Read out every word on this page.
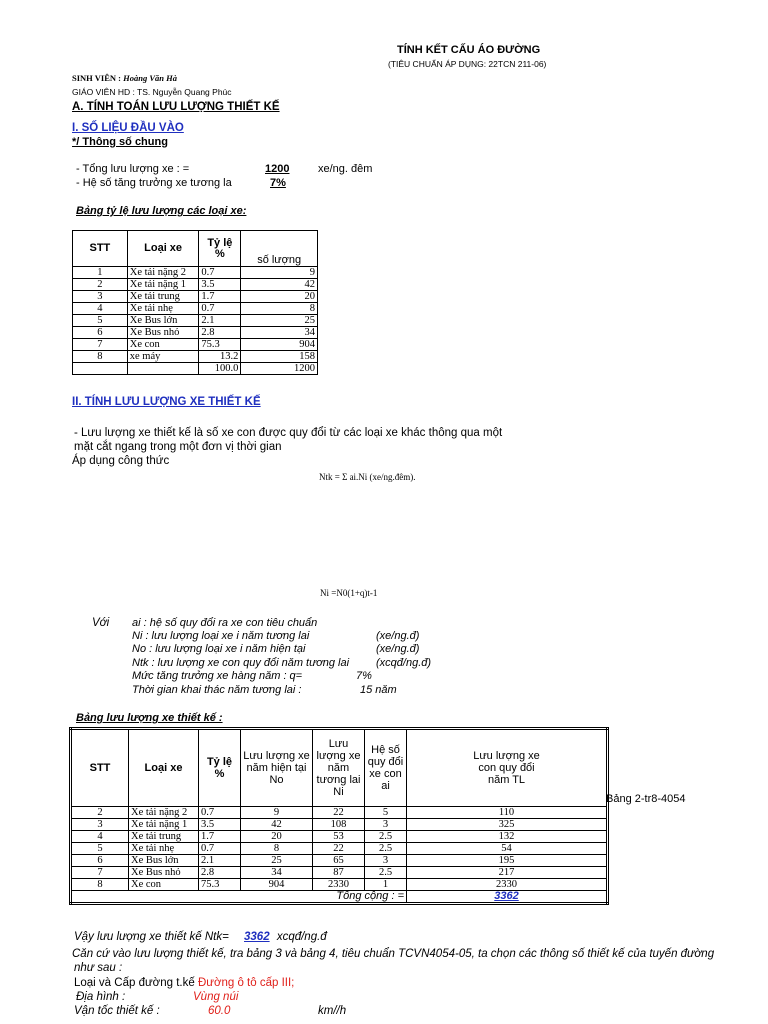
TÍNH KẾT CẤU ÁO ĐƯỜNG
(TIÊU CHUẨN ÁP DỤNG: 22TCN 211-06)
SINH VIÊN : Hoàng Văn Hà
GIÁO VIÊN HD : TS. Nguyễn Quang Phúc
A. TÍNH TOÁN LƯU LƯỢNG THIẾT KẾ
I. SỐ LIỆU ĐẦU VÀO
*/ Thông số chung
- Tổng lưu lượng xe : =	1200	xe/ng. đêm
- Hệ số tăng trưởng xe tương la	7%
Bảng tỷ lệ lưu lượng các loại xe:
STT	Loại xe	Tỷ lệ %	số lượng
1	Xe tải nặng 2	0.7	9
2	Xe tải nặng 1	3.5	42
3	Xe tải trung	1.7	20
4	Xe tải nhẹ	0.7	8
5	Xe Bus lớn	2.1	25
6	Xe Bus nhỏ	2.8	34
7	Xe con	75.3	904
8	xe máy	13.2	158
		100.0	1200
II. TÍNH LƯU LƯỢNG XE THIẾT KẾ
- Lưu lượng xe thiết kế là số xe con được quy đổi từ các loại xe khác thông qua một
mặt cắt ngang trong một đơn vị thời gian
Áp dụng công thức
Ntk = Σ ai.Ni (xe/ng.đêm).
Ni =N0(1+q)t-1
Với ai : hệ số quy đổi ra xe con tiêu chuẩn
Ni : lưu lượng loại xe i năm tương lai	(xe/ng.đ)
No : lưu lượng loại xe i năm hiện tại	(xe/ng.đ)
Ntk : lưu lượng xe con quy đổi năm tương lai (xcqđ/ng.đ)
Mức tăng trưởng xe hàng năm : q=	7%
Thời gian khai thác năm tương lai :	15 năm
Bảng lưu lượng xe thiết kế :
STT	Loại xe	Tỷ lệ %	Lưu lượng xe năm hiện tại No	Lưu lượng xe năm tương lai Ni	Hệ số quy đổi xe con ai	Lưu lượng xe con quy đổi năm TL
2	Xe tải nặng 2	0.7	9	22	5	110
3	Xe tải nặng 1	3.5	42	108	3	325
4	Xe tải trung	1.7	20	53	2.5	132
5	Xe tải nhẹ	0.7	8	22	2.5	54
6	Xe Bus lớn	2.1	25	65	3	195
7	Xe Bus nhỏ	2.8	34	87	2.5	217
8	Xe con	75.3	904	2330	1	2330
Tổng cộng : =						3362
Bảng 2-tr8-4054
Vậy lưu lượng xe thiết kế Ntk= 3362 xcqđ/ng.đ
Căn cứ vào lưu lượng thiết kế, tra bảng 3 và bảng 4, tiêu chuẩn TCVN4054-05, ta chọn các thông số thiết kế của tuyến đường
như sau :
Loại và Cấp đường t.kế Đường ô tô cấp III;
Địa hình :	Vùng núi
Vận tốc thiết kế :	60.0	km//h
